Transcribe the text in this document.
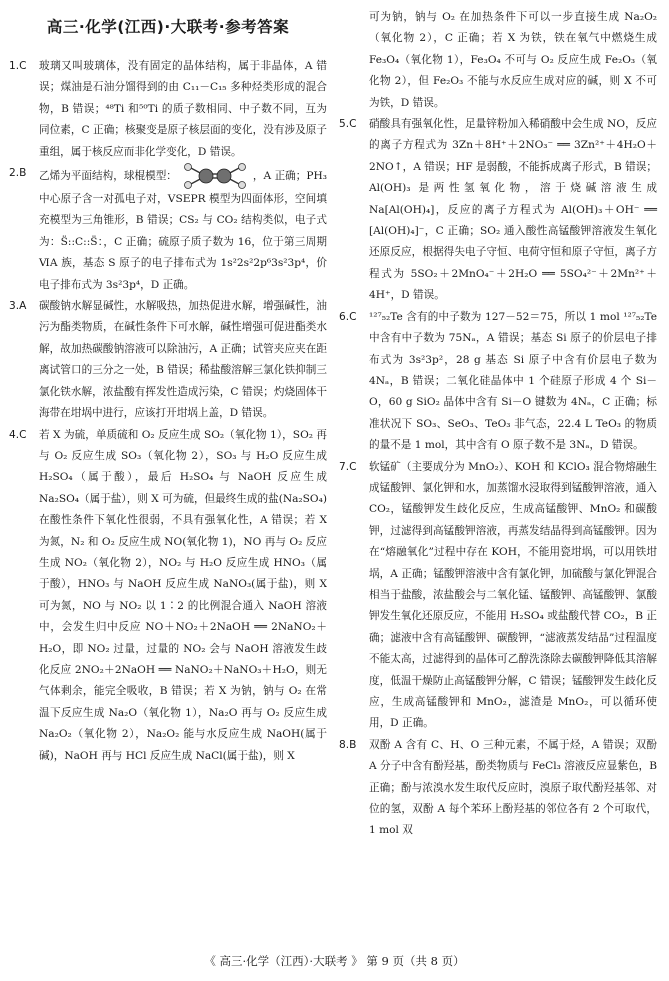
高三·化学(江西)·大联考·参考答案
1.C	玻璃又叫玻璃体，没有固定的晶体结构，属于非晶体，A 错误；煤油是石油分馏得到的由 C₁₁－C₁₅ 多种烃类形成的混合物，B 错误；⁴⁸Ti 和⁵⁰Ti 的质子数相同、中子数不同，互为同位素，C 正确；核聚变是原子核层面的变化，没有涉及原子重组，属于核反应而非化学变化，D 错误。

2.B	乙烯为平面结构，球棍模型：	，A 正确；PH₃ 中心原子含一对孤电子对，VSEPR 模型为四面体形，空间填充模型为三角锥形，B 错误；CS₂ 与 CO₂ 结构类似，电子式为：S̈::C::S̈：，C 正确；硫原子质子数为 16，位于第三周期ⅥA 族，基态 S 原子的电子排布式为 1s²2s²2p⁶3s²3p⁴，价电子排布式为 3s²3p⁴，D 正确。

3.A	碳酸钠水解显碱性，水解吸热，加热促进水解，增强碱性，油污为酯类物质，在碱性条件下可水解，碱性增强可促进酯类水解，故加热碳酸钠溶液可以除油污，A 正确；试管夹应夹在距离试管口的三分之一处，B 错误；稀盐酸溶解三氯化铁抑制三氯化铁水解，浓盐酸有挥发性造成污染，C 错误；灼烧固体干海带在坩埚中进行，应该打开坩埚上盖，D 错误。

4.C	若 X 为硫，单质硫和 O₂ 反应生成 SO₂（氧化物 1），SO₂ 再与 O₂ 反应生成 SO₃（氧化物 2），SO₃ 与 H₂O 反应生成 H₂SO₄（属于酸），最后 H₂SO₄ 与 NaOH 反应生成 Na₂SO₄（属于盐），则 X 可为硫，但最终生成的盐(Na₂SO₄)在酸性条件下氧化性很弱，不具有强氧化性，A 错误；若 X 为氮，N₂ 和 O₂ 反应生成 NO(氧化物 1)，NO 再与 O₂ 反应生成 NO₂（氧化物 2），NO₂ 与 H₂O 反应生成 HNO₃（属于酸），HNO₃ 与 NaOH 反应生成 NaNO₃(属于盐)，则 X 可为氮，NO 与 NO₂ 以 1∶2 的比例混合通入 NaOH 溶液中，会发生归中反应 NO＋NO₂＋2NaOH ══ 2NaNO₂＋H₂O，即 NO₂ 过量，过量的 NO₂ 会与 NaOH 溶液发生歧化反应 2NO₂＋2NaOH ══ NaNO₂＋NaNO₃＋H₂O，则无气体剩余，能完全吸收，B 错误；若 X 为钠，钠与 O₂ 在常温下反应生成 Na₂O（氧化物 1），Na₂O 再与 O₂ 反应生成 Na₂O₂（氧化物 2），Na₂O₂ 能与水反应生成 NaOH(属于碱)，NaOH 再与 HCl 反应生成 NaCl(属于盐)，则 X

可为钠，钠与 O₂ 在加热条件下可以一步直接生成 Na₂O₂（氧化物 2），C 正确；若 X 为铁，铁在氧气中燃烧生成 Fe₃O₄（氧化物 1），Fe₃O₄ 不可与 O₂ 反应生成 Fe₂O₃（氧化物 2），但 Fe₂O₃ 不能与水反应生成对应的碱，则 X 不可为铁，D 错误。

5.C	硝酸具有强氧化性，足量锌粉加入稀硝酸中会生成 NO，反应的离子方程式为 3Zn＋8H⁺＋2NO₃⁻ ══ 3Zn²⁺＋4H₂O＋2NO↑，A 错误；HF 是弱酸，不能拆成离子形式，B 错误；Al(OH)₃ 是两性氢氧化物，溶于烧碱溶液生成 Na[Al(OH)₄]，反应的离子方程式为 Al(OH)₃＋OH⁻ ══ [Al(OH)₄]⁻，C 正确；SO₂ 通入酸性高锰酸钾溶液发生氧化还原反应，根据得失电子守恒、电荷守恒和原子守恒，离子方程式为 5SO₂＋2MnO₄⁻＋2H₂O ══ 5SO₄²⁻＋2Mn²⁺＋4H⁺，D 错误。

6.C	¹²⁷₅₂Te 含有的中子数为 127－52＝75，所以 1 mol ¹²⁷₅₂Te 中含有中子数为 75Nₐ，A 错误；基态 Si 原子的价层电子排布式为 3s²3p²，28 g 基态 Si 原子中含有价层电子数为 4Nₐ，B 错误；二氧化硅晶体中 1 个硅原子形成 4 个 Si－O，60 g SiO₂ 晶体中含有 Si－O 键数为 4Nₐ，C 正确；标准状况下 SO₃、SeO₃、TeO₃ 非气态，22.4 L TeO₃ 的物质的量不是 1 mol，其中含有 O 原子数不是 3Nₐ，D 错误。

7.C	软锰矿（主要成分为 MnO₂）、KOH 和 KClO₃ 混合物熔融生成锰酸钾、氯化钾和水，加蒸馏水浸取得到锰酸钾溶液，通入 CO₂，锰酸钾发生歧化反应，生成高锰酸钾、MnO₂ 和碳酸钾，过滤得到高锰酸钾溶液，再蒸发结晶得到高锰酸钾。因为在“熔融氧化”过程中存在 KOH，不能用瓷坩埚，可以用铁坩埚，A 正确；锰酸钾溶液中含有氯化钾，加硫酸与氯化钾混合相当于盐酸，浓盐酸会与二氧化锰、锰酸钾、高锰酸钾、氯酸钾发生氧化还原反应，不能用 H₂SO₄ 或盐酸代替 CO₂，B 正确；滤液中含有高锰酸钾、碳酸钾，“滤液蒸发结晶”过程温度不能太高，过滤得到的晶体可乙醇洗涤除去碳酸钾降低其溶解度，低温干燥防止高锰酸钾分解，C 错误；锰酸钾发生歧化反应，生成高锰酸钾和 MnO₂，滤渣是 MnO₂，可以循环使用，D 正确。

8.B	双酚 A 含有 C、H、O 三种元素，不属于烃，A 错误；双酚 A 分子中含有酚羟基，酚类物质与 FeCl₃ 溶液反应显紫色，B 正确；酚与浓溴水发生取代反应时，溴原子取代酚羟基邻、对位的氢，双酚 A 每个苯环上酚羟基的邻位各有 2 个可取代，1 mol 双

《 高三·化学（江西）·大联考 》 第 9 页（共 8 页）
